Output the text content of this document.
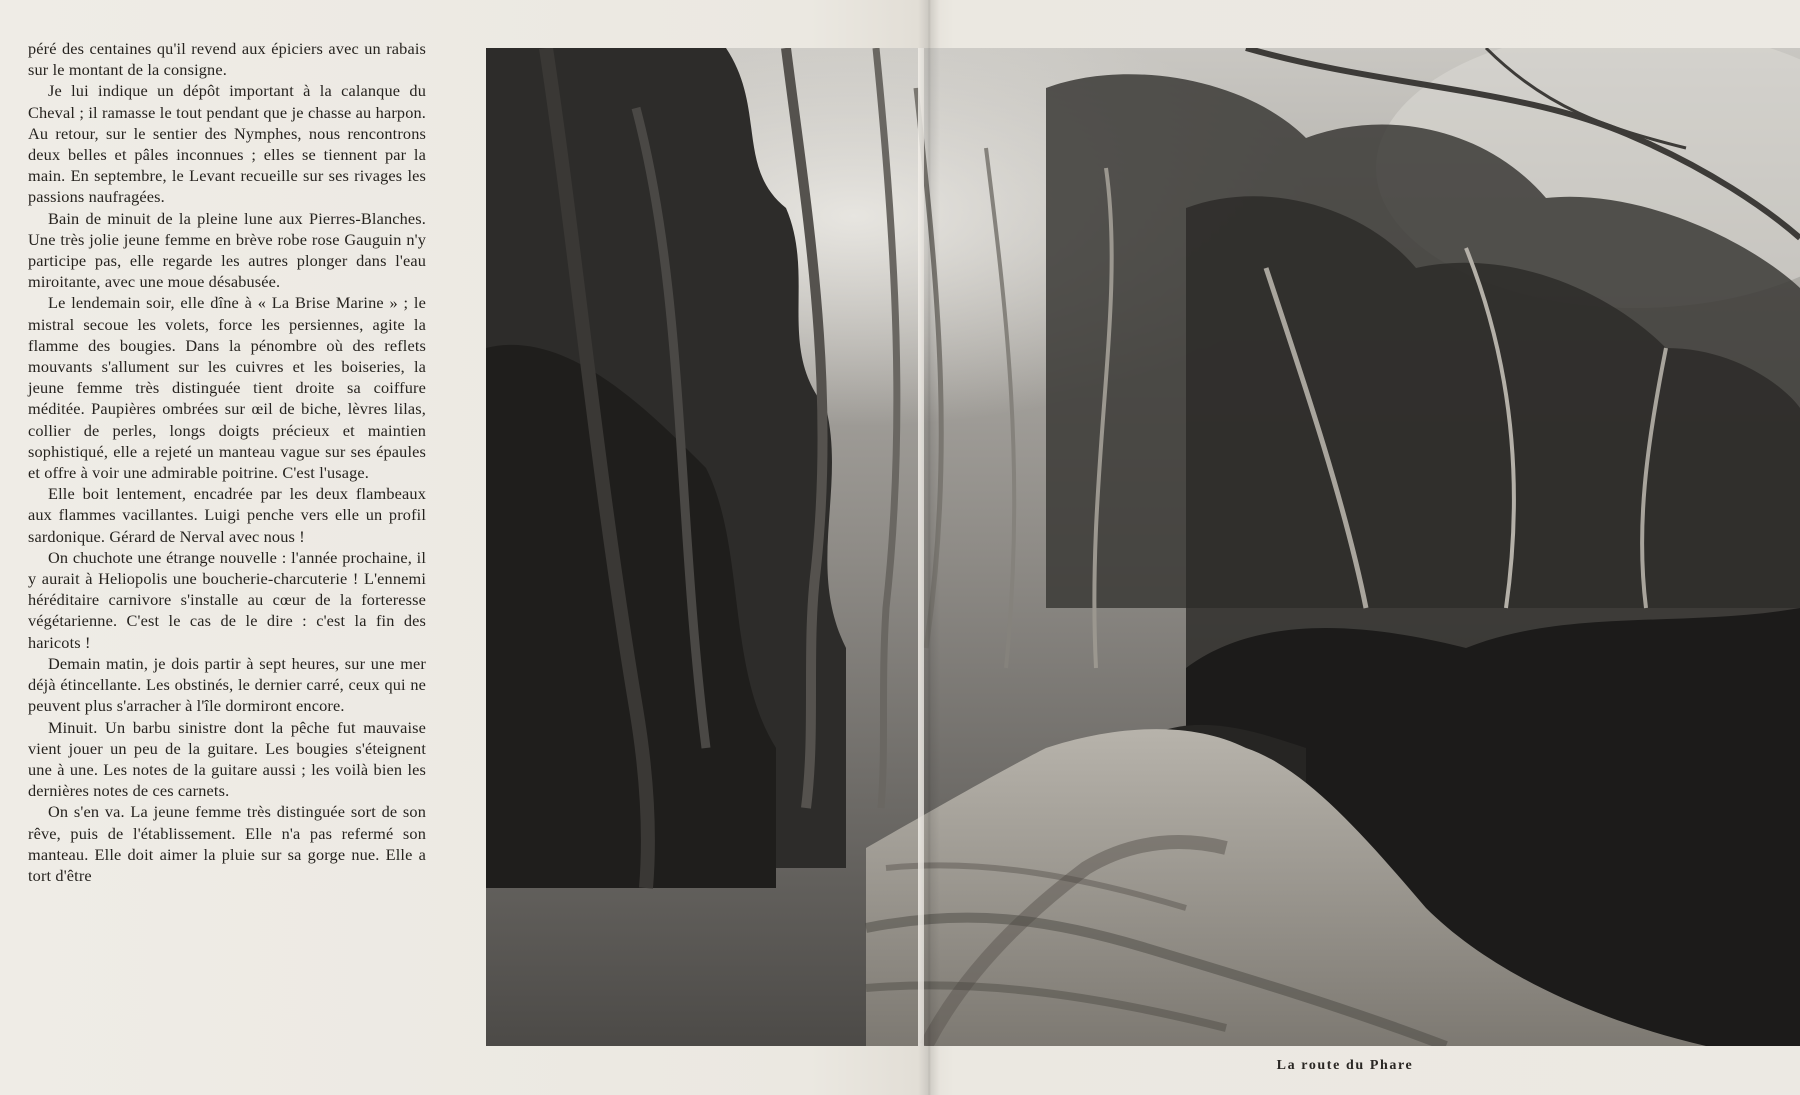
péré des centaines qu'il revend aux épiciers avec un rabais sur le montant de la consigne.

Je lui indique un dépôt important à la calanque du Cheval ; il ramasse le tout pendant que je chasse au harpon. Au retour, sur le sentier des Nymphes, nous rencontrons deux belles et pâles inconnues ; elles se tiennent par la main. En septembre, le Levant recueille sur ses rivages les passions naufragées.

Bain de minuit de la pleine lune aux Pierres-Blanches. Une très jolie jeune femme en brève robe rose Gauguin n'y participe pas, elle regarde les autres plonger dans l'eau miroitante, avec une moue désabusée.

Le lendemain soir, elle dîne à « La Brise Marine » ; le mistral secoue les volets, force les persiennes, agite la flamme des bougies. Dans la pénombre où des reflets mouvants s'allument sur les cuivres et les boiseries, la jeune femme très distinguée tient droite sa coiffure méditée. Paupières ombrées sur œil de biche, lèvres lilas, collier de perles, longs doigts précieux et maintien sophistiqué, elle a rejeté un manteau vague sur ses épaules et offre à voir une admirable poitrine. C'est l'usage.

Elle boit lentement, encadrée par les deux flambeaux aux flammes vacillantes. Luigi penche vers elle un profil sardonique. Gérard de Nerval avec nous !

On chuchote une étrange nouvelle : l'année prochaine, il y aurait à Heliopolis une boucherie-charcuterie ! L'ennemi héréditaire carnivore s'installe au cœur de la forteresse végétarienne. C'est le cas de le dire : c'est la fin des haricots !

Demain matin, je dois partir à sept heures, sur une mer déjà étincellante. Les obstinés, le dernier carré, ceux qui ne peuvent plus s'arracher à l'île dormiront encore.

Minuit. Un barbu sinistre dont la pêche fut mauvaise vient jouer un peu de la guitare. Les bougies s'éteignent une à une. Les notes de la guitare aussi ; les voilà bien les dernières notes de ces carnets.

On s'en va. La jeune femme très distinguée sort de son rêve, puis de l'établissement. Elle n'a pas refermé son manteau. Elle doit aimer la pluie sur sa gorge nue. Elle a tort d'être

La route du Phare
